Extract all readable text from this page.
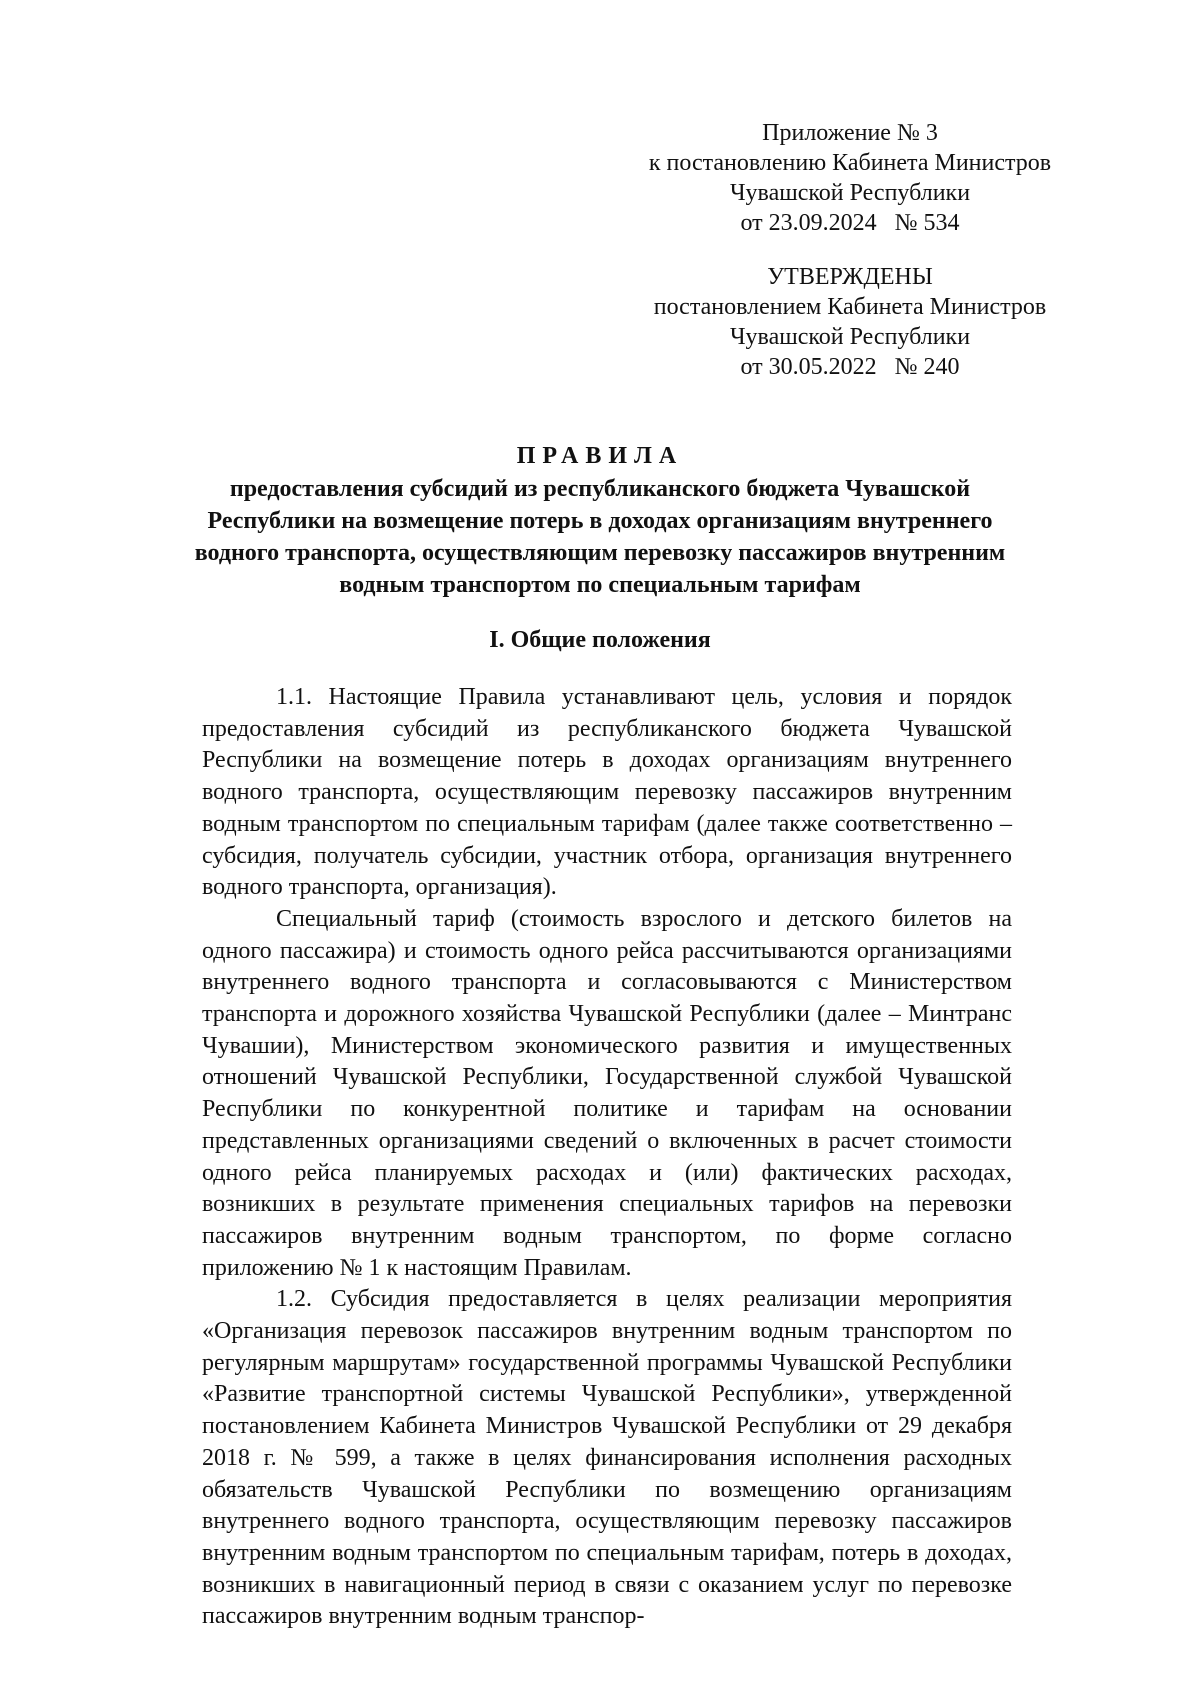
Приложение № 3
к постановлению Кабинета Министров
Чувашской Республики
от 23.09.2024   № 534
УТВЕРЖДЕНЫ
постановлением Кабинета Министров
Чувашской Республики
от 30.05.2022   № 240
ПРАВИЛА
предоставления субсидий из республиканского бюджета Чувашской
Республики на возмещение потерь в доходах организациям внутреннего
водного транспорта, осуществляющим перевозку пассажиров внутренним
водным транспортом по специальным тарифам
I. Общие положения

1.1. Настоящие Правила устанавливают цель, условия и порядок предоставления субсидий из республиканского бюджета Чувашской Республики на возмещение потерь в доходах организациям внутреннего водного транспорта, осуществляющим перевозку пассажиров внутренним водным транспортом по специальным тарифам (далее также соответственно – субсидия, получатель субсидии, участник отбора, организация внутреннего водного транспорта, организация).

Специальный тариф (стоимость взрослого и детского билетов на одного пассажира) и стоимость одного рейса рассчитываются организациями внутреннего водного транспорта и согласовываются с Министерством транспорта и дорожного хозяйства Чувашской Республики (далее – Минтранс Чувашии), Министерством экономического развития и имущественных отношений Чувашской Республики, Государственной службой Чувашской Республики по конкурентной политике и тарифам на основании представленных организациями сведений о включенных в расчет стоимости одного рейса планируемых расходах и (или) фактических расходах, возникших в результате применения специальных тарифов на перевозки пассажиров внутренним водным транспортом, по форме согласно приложению № 1 к настоящим Правилам.

1.2. Субсидия предоставляется в целях реализации мероприятия «Организация перевозок пассажиров внутренним водным транспортом по регулярным маршрутам» государственной программы Чувашской Республики «Развитие транспортной системы Чувашской Республики», утвержденной постановлением Кабинета Министров Чувашской Республики от 29 декабря 2018 г. № 599, а также в целях финансирования исполнения расходных обязательств Чувашской Республики по возмещению организациям внутреннего водного транспорта, осуществляющим перевозку пассажиров внутренним водным транспортом по специальным тарифам, потерь в доходах, возникших в навигационный период в связи с оказанием услуг по перевозке пассажиров внутренним водным транспор-
